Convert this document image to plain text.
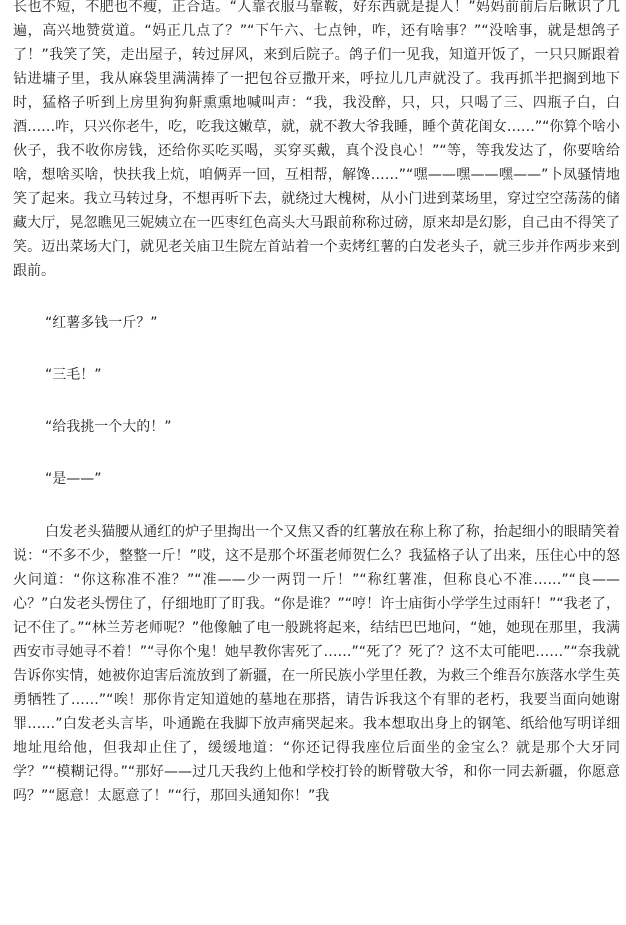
长也不短，不肥也不瘦，正合适。“人靠衣服马靠鞍，好东西就是提人！”妈妈前前后后瞅识了几遍，高兴地赞赏道。“妈正几点了？”“下午六、七点钟，咋，还有啥事？”“没啥事，就是想鸽子了！”我笑了笑，走出屋子，转过屏风，来到后院子。鸽子们一见我，知道开饭了，一只只厮跟着钻进墉子里，我从麻袋里满满捧了一把包谷豆撒开来，呼拉儿几声就没了。我再抓半把搁到地下时，猛格子听到上房里狗狗鼾熏熏地喊叫声：“我，我没醉，只，只，只喝了三、四瓶子白，白酒……咋，只兴你老牛，吃，吃我这嫩草，就，就不教大爷我睡，睡个黄花闺女……”“你算个啥小伙子，我不收你房钱，还给你买吃买喝，买穿买戴，真个没良心！”“等，等我发达了，你要啥给啥，想啥买啥，快扶我上炕，咱俩弄一回，互相帮，解馋……”“嘿——嘿——嘿——”卜凤骚情地笑了起来。我立马转过身，不想再听下去，就绕过大槐树，从小门进到菜场里，穿过空空荡荡的储藏大厅，晃忽瞧见三妮姨立在一匹枣红色高头大马跟前称称过磅，原来却是幻影，自己由不得笑了笑。迈出菜场大门，就见老关庙卫生院左首站着一个卖烤红薯的白发老头子，就三步并作两步来到跟前。

“红薯多钱一斤？”

“三毛！”

“给我挑一个大的！”

“是——”

白发老头猫腰从通红的炉子里掏出一个又焦又香的红薯放在称上称了称，抬起细小的眼睛笑着说：“不多不少，整整一斤！”哎，这不是那个坏蛋老师贺仁么？我猛格子认了出来，压住心中的怒火问道：“你这称准不准？”“准——少一两罚一斤！”“称红薯准，但称良心不准……”“良——心？”白发老头愣住了，仔细地盯了盯我。“你是谁？”“哼！许士庙街小学学生过雨轩！”“我老了，记不住了。”“林兰芳老师呢？”他像触了电一般跳将起来，结结巴巴地问，“她，她现在那里，我满西安市寻她寻不着！”“寻你个鬼！她早教你害死了……”“死了？死了？这不太可能吧……”“奈我就告诉你实情，她被你迫害后流放到了新疆，在一所民族小学里任教，为救三个维吾尔族落水学生英勇牺牲了……”“唉！那你肯定知道她的墓地在那搭，请告诉我这个有罪的老朽，我要当面向她谢罪……”白发老头言毕，卟通跪在我脚下放声痛哭起来。我本想取出身上的钢笔、纸给他写明详细地址甩给他，但我却止住了，缓缓地道：“你还记得我座位后面坐的金宝么？就是那个大牙同学？”“模糊记得。”“那好——过几天我约上他和学校打铃的断臂敬大爷，和你一同去新疆，你愿意吗？”“愿意！太愿意了！”“行，那回头通知你！”我
